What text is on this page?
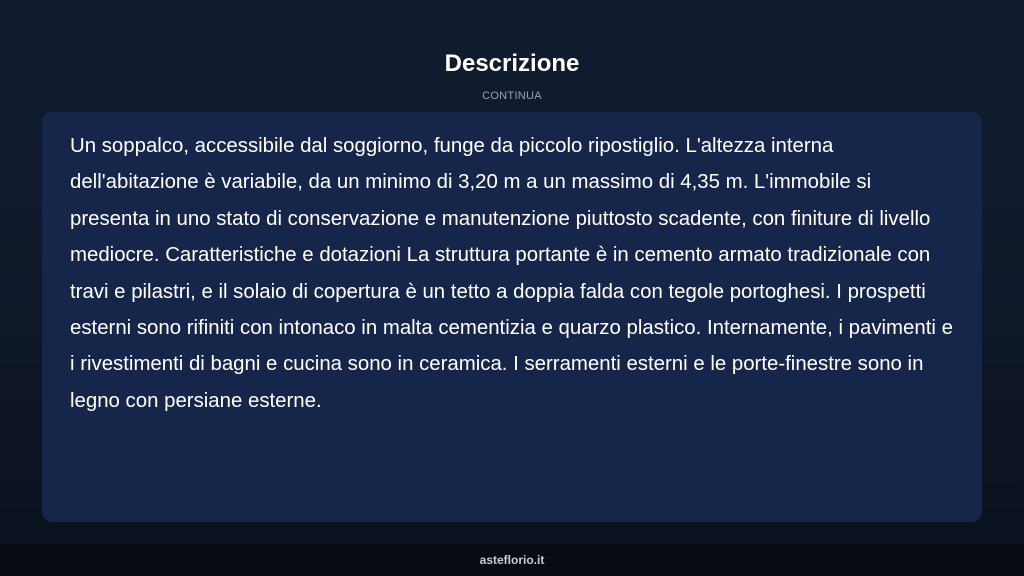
Descrizione
CONTINUA

Un soppalco, accessibile dal soggiorno, funge da piccolo ripostiglio. L'altezza interna dell'abitazione è variabile, da un minimo di 3,20 m a un massimo di 4,35 m. L'immobile si presenta in uno stato di conservazione e manutenzione piuttosto scadente, con finiture di livello mediocre. Caratteristiche e dotazioni La struttura portante è in cemento armato tradizionale con travi e pilastri, e il solaio di copertura è un tetto a doppia falda con tegole portoghesi. I prospetti esterni sono rifiniti con intonaco in malta cementizia e quarzo plastico. Internamente, i pavimenti e i rivestimenti di bagni e cucina sono in ceramica. I serramenti esterni e le porte-finestre sono in legno con persiane esterne.

asteflorio.it
